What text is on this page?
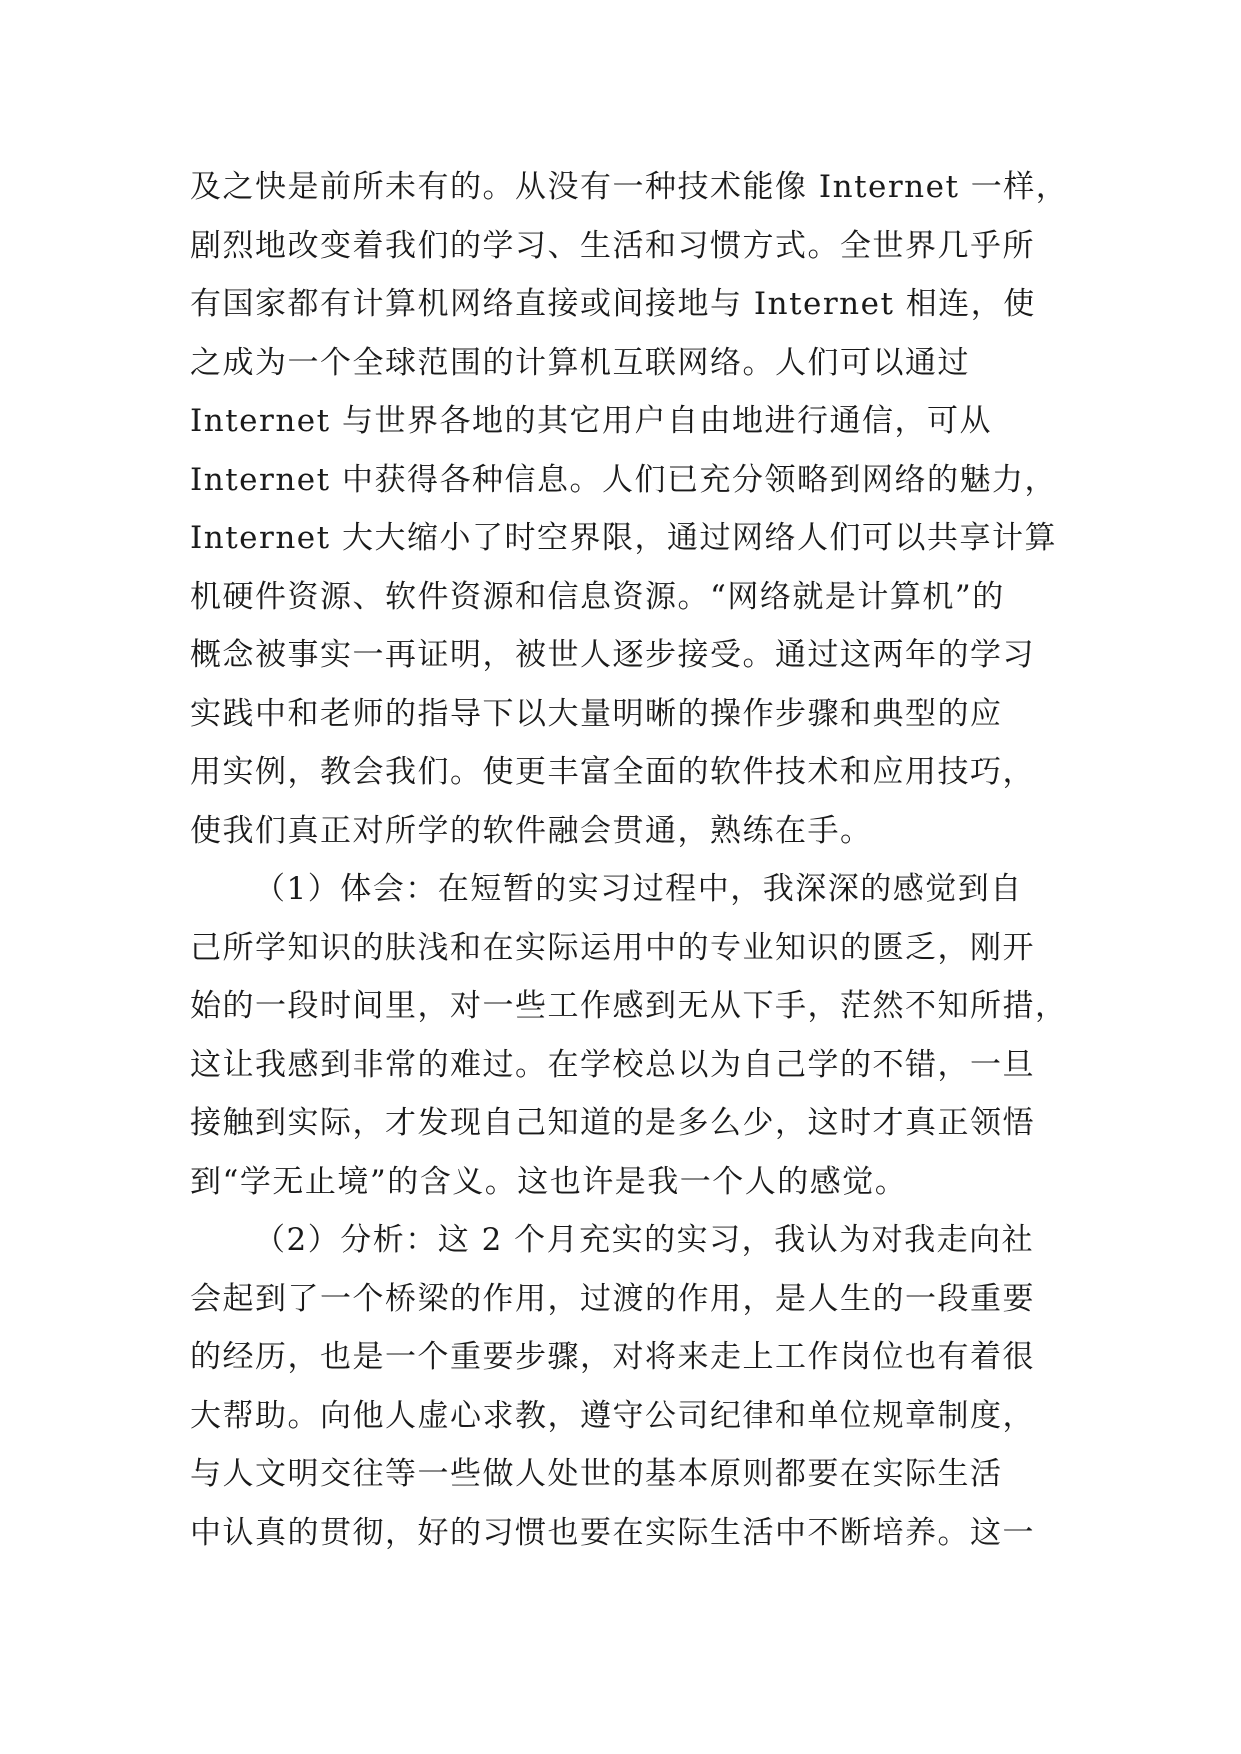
及之快是前所未有的。从没有一种技术能像 Internet 一样，
剧烈地改变着我们的学习、生活和习惯方式。全世界几乎所
有国家都有计算机网络直接或间接地与 Internet 相连，使
之成为一个全球范围的计算机互联网络。人们可以通过
Internet 与世界各地的其它用户自由地进行通信，可从
Internet 中获得各种信息。人们已充分领略到网络的魅力，
Internet 大大缩小了时空界限，通过网络人们可以共享计算
机硬件资源、软件资源和信息资源。“网络就是计算机”的
概念被事实一再证明，被世人逐步接受。通过这两年的学习
实践中和老师的指导下以大量明晰的操作步骤和典型的应
用实例，教会我们。使更丰富全面的软件技术和应用技巧，
使我们真正对所学的软件融会贯通，熟练在手。
（1）体会：在短暂的实习过程中，我深深的感觉到自
己所学知识的肤浅和在实际运用中的专业知识的匮乏，刚开
始的一段时间里，对一些工作感到无从下手，茫然不知所措，
这让我感到非常的难过。在学校总以为自己学的不错，一旦
接触到实际，才发现自己知道的是多么少，这时才真正领悟
到“学无止境”的含义。这也许是我一个人的感觉。
（2）分析：这 2 个月充实的实习，我认为对我走向社
会起到了一个桥梁的作用，过渡的作用，是人生的一段重要
的经历，也是一个重要步骤，对将来走上工作岗位也有着很
大帮助。向他人虚心求教，遵守公司纪律和单位规章制度，
与人文明交往等一些做人处世的基本原则都要在实际生活
中认真的贯彻，好的习惯也要在实际生活中不断培养。这一
